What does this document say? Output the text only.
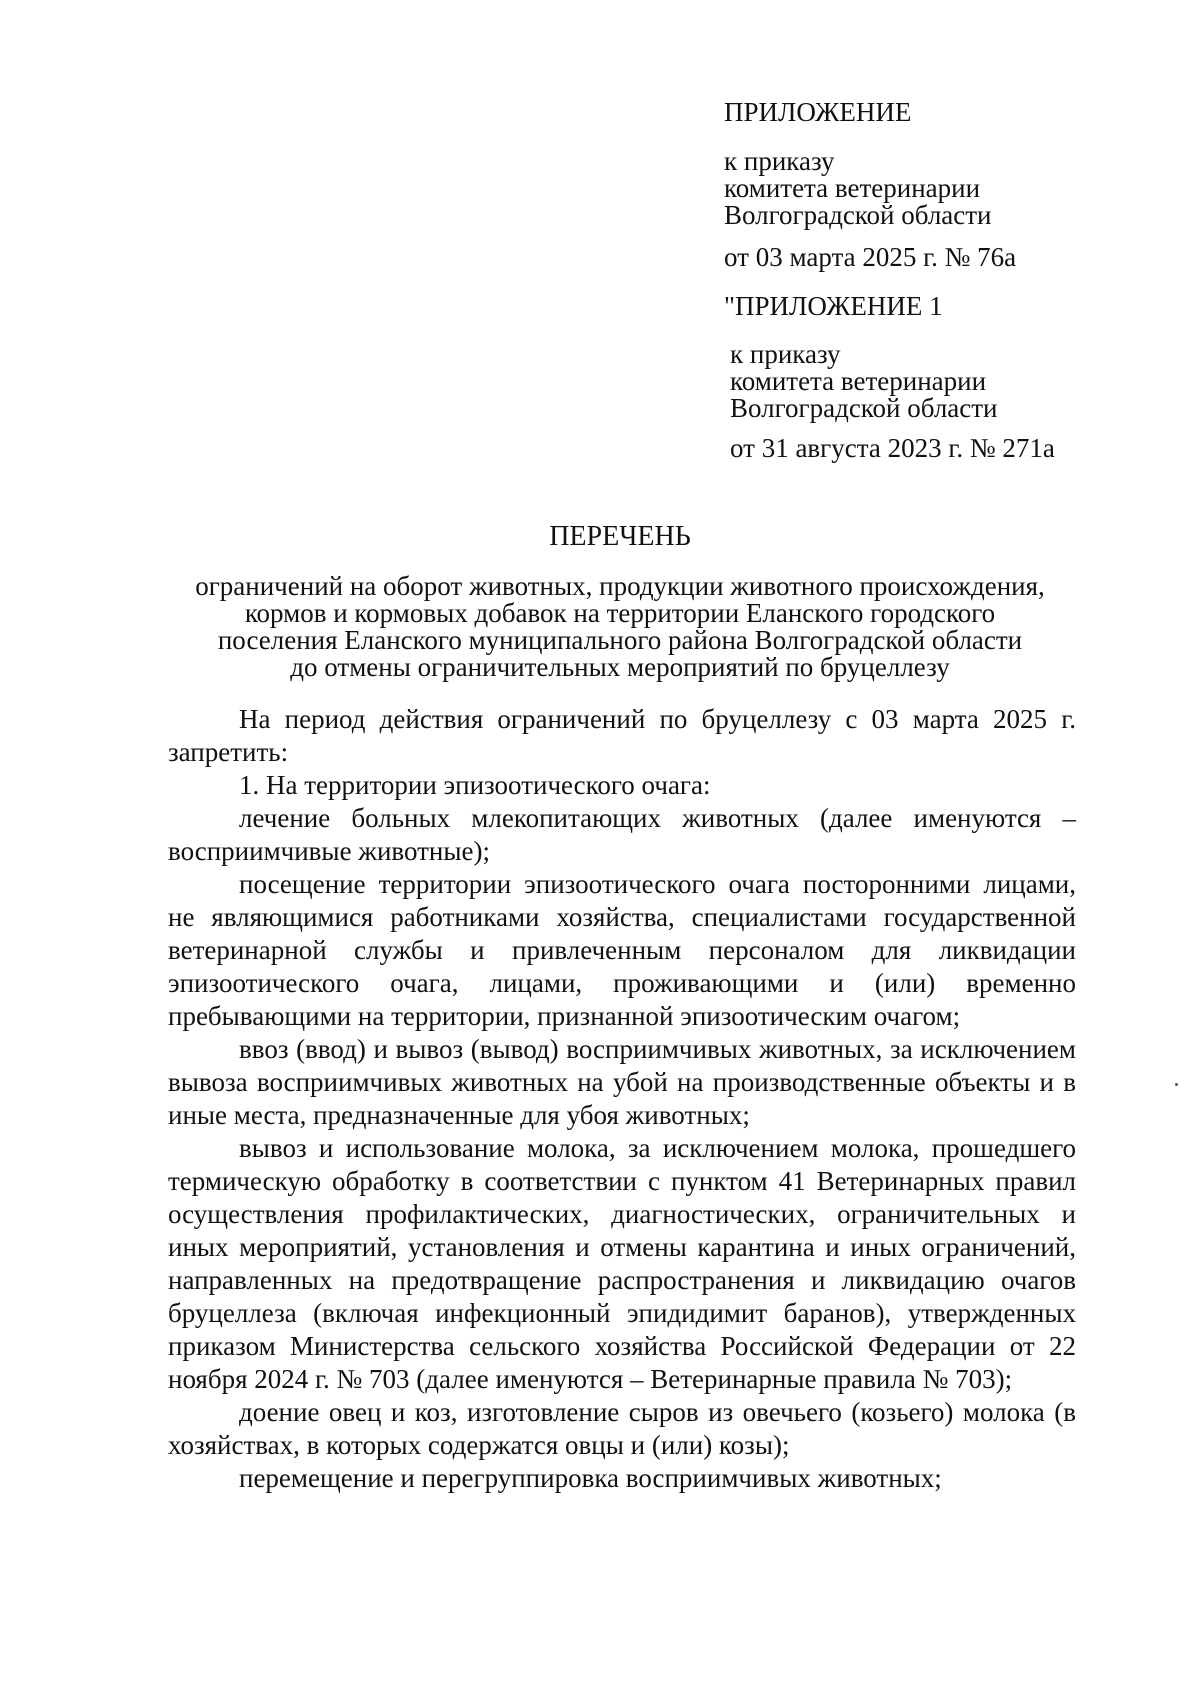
ПРИЛОЖЕНИЕ
к приказу
комитета ветеринарии
Волгоградской области
от 03 марта 2025 г. № 76а
"ПРИЛОЖЕНИЕ 1
к приказу
комитета ветеринарии
Волгоградской области
от 31 августа 2023 г. № 271а
ПЕРЕЧЕНЬ
ограничений на оборот животных, продукции животного происхождения,
кормов и кормовых добавок на территории Еланского городского
поселения Еланского муниципального района Волгоградской области
до отмены ограничительных мероприятий по бруцеллезу

На период действия ограничений по бруцеллезу с 03 марта 2025 г. запретить:

1. На территории эпизоотического очага:

лечение больных млекопитающих животных (далее именуются – восприимчивые животные);

посещение территории эпизоотического очага посторонними лицами, не являющимися работниками хозяйства, специалистами государственной ветеринарной службы и привлеченным персоналом для ликвидации эпизоотического очага, лицами, проживающими и (или) временно пребывающими на территории, признанной эпизоотическим очагом;

ввоз (ввод) и вывоз (вывод) восприимчивых животных, за исключением вывоза восприимчивых животных на убой на производственные объекты и в иные места, предназначенные для убоя животных;

вывоз и использование молока, за исключением молока, прошедшего термическую обработку в соответствии с пунктом 41 Ветеринарных правил осуществления профилактических, диагностических, ограничительных и иных мероприятий, установления и отмены карантина и иных ограничений, направленных на предотвращение распространения и ликвидацию очагов бруцеллеза (включая инфекционный эпидидимит баранов), утвержденных приказом Министерства сельского хозяйства Российской Федерации от 22 ноября 2024 г. № 703 (далее именуются – Ветеринарные правила № 703);

доение овец и коз, изготовление сыров из овечьего (козьего) молока (в хозяйствах, в которых содержатся овцы и (или) козы);

перемещение и перегруппировка восприимчивых животных;
